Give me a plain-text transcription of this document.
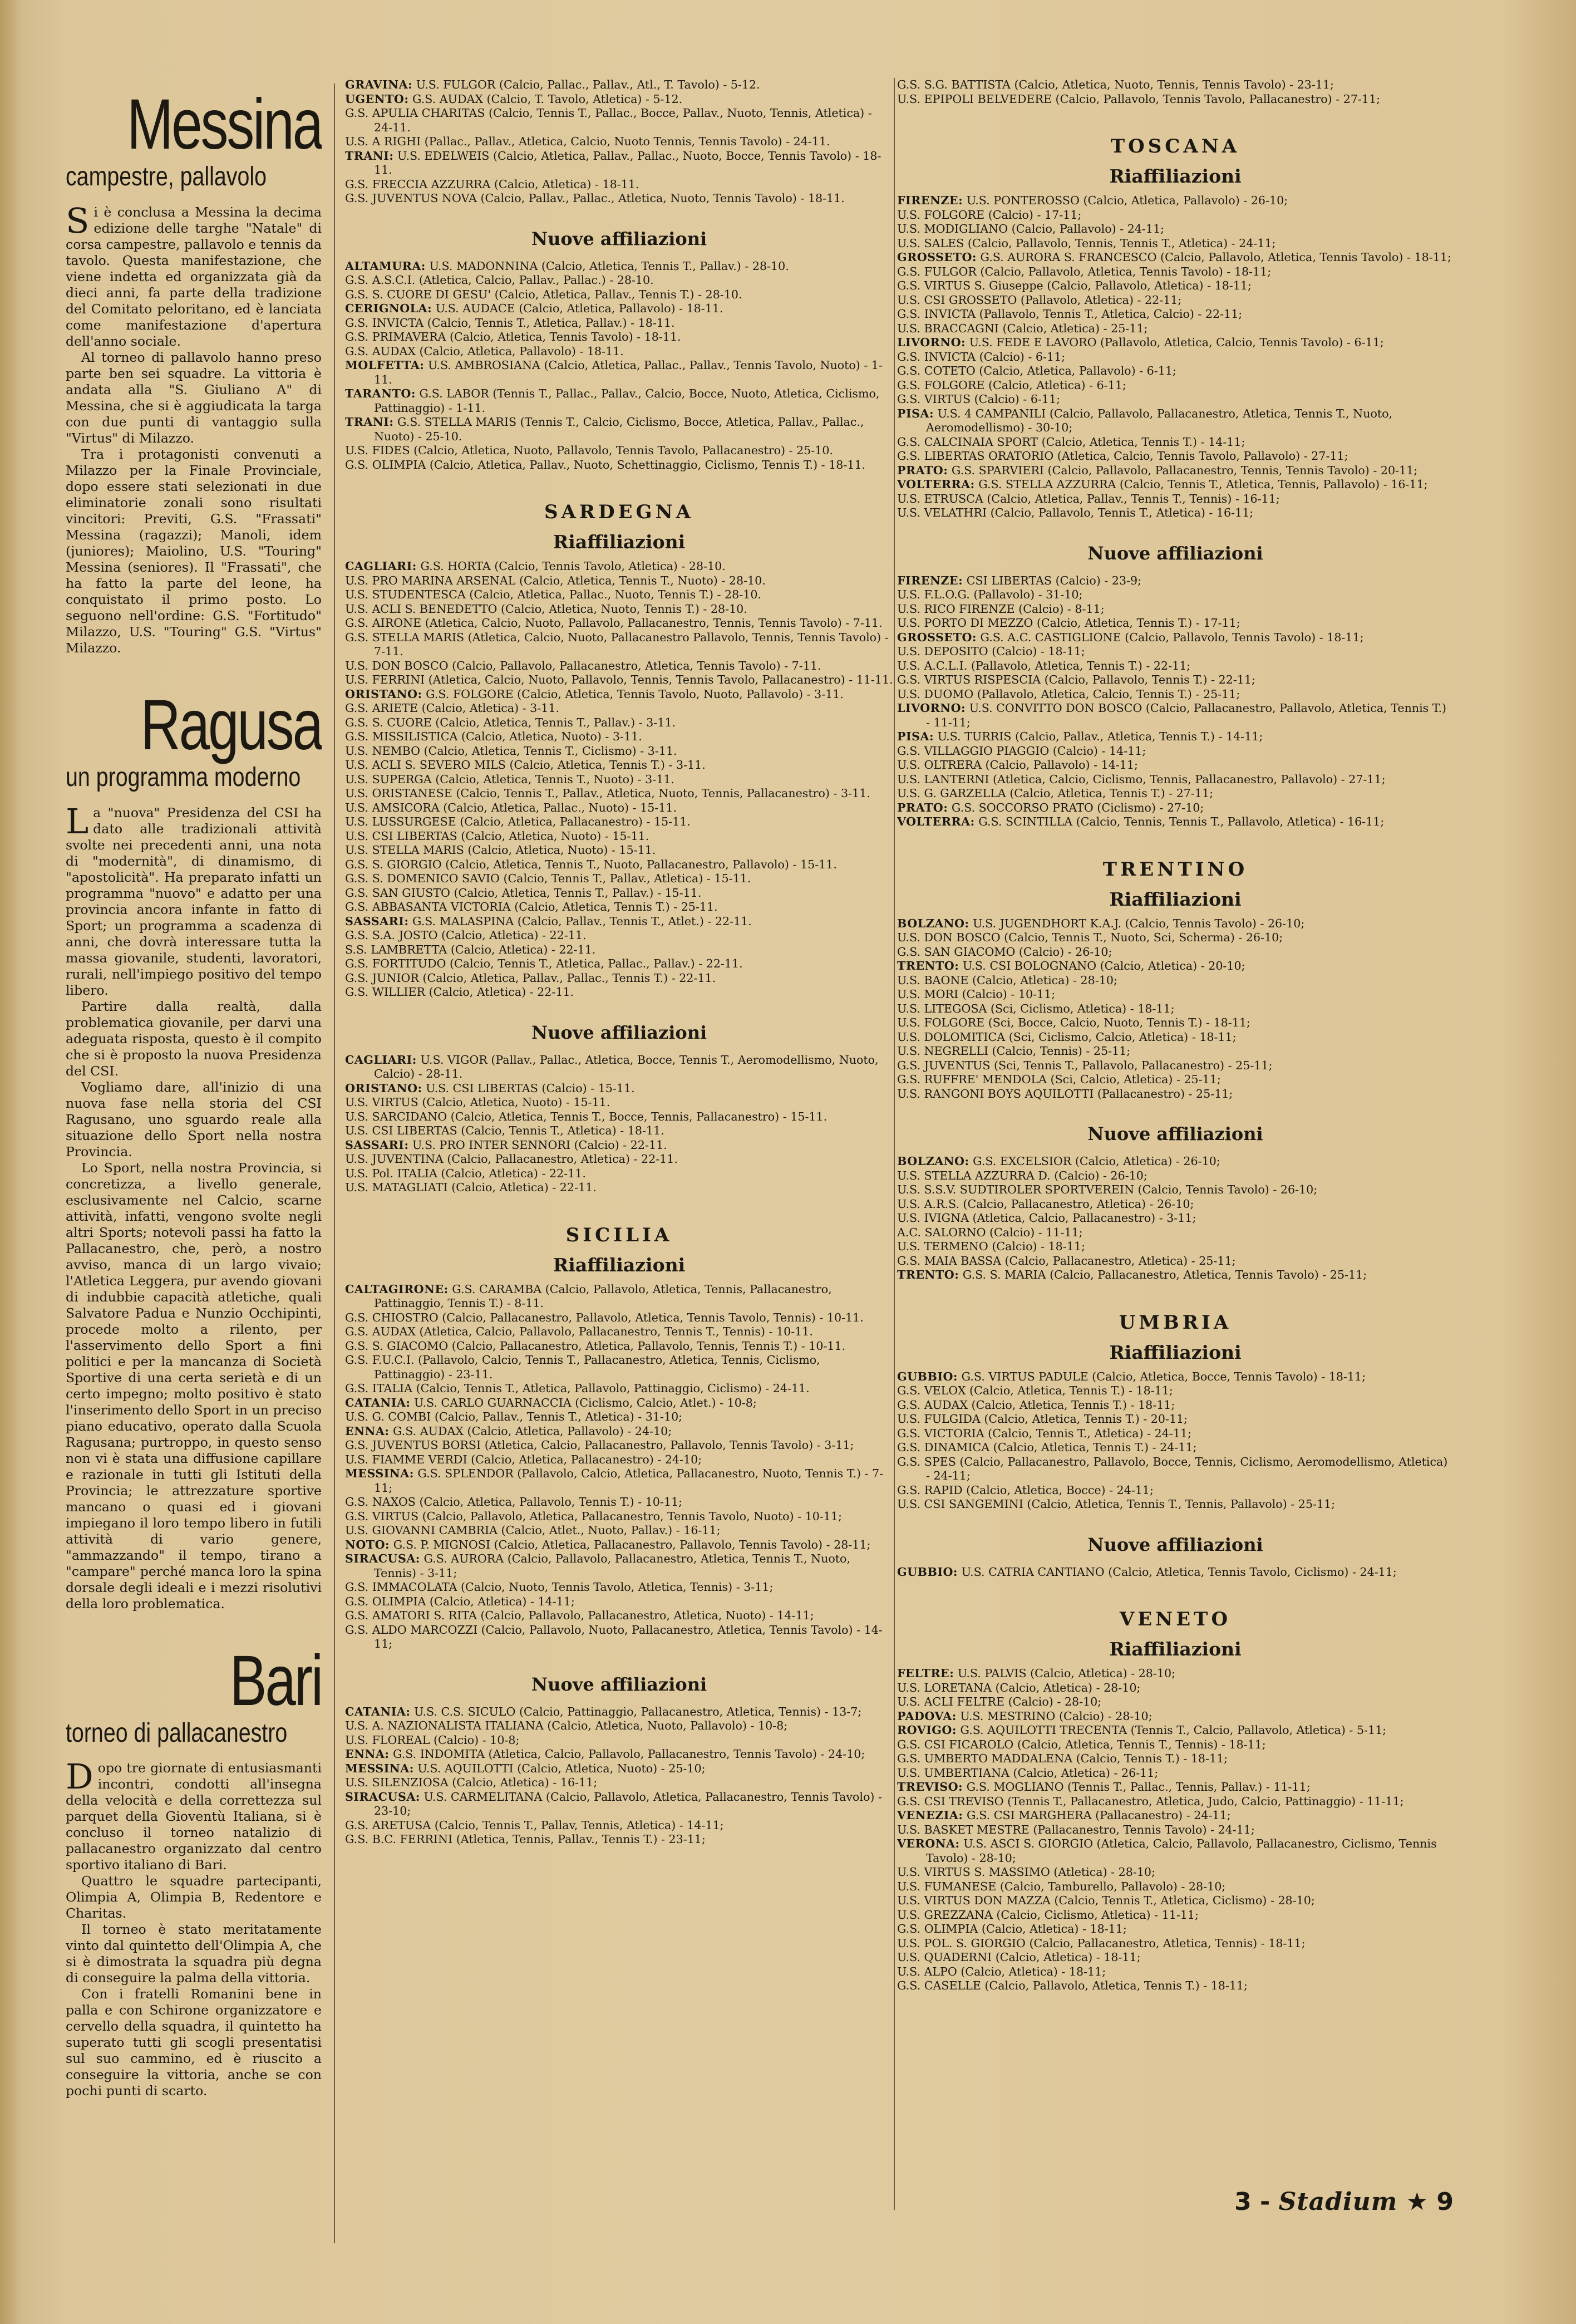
Messina
campestre, pallavolo

Si è conclusa a Messina la decima edizione delle targhe "Natale" di corsa campestre, pallavolo e tennis da tavolo. Questa manifestazione, che viene indetta ed organizzata già da dieci anni, fa parte della tradizione del Comitato peloritano, ed è lanciata come manifestazione d'apertura dell'anno sociale.

Al torneo di pallavolo hanno preso parte ben sei squadre. La vittoria è andata alla "S. Giuliano A" di Messina, che si è aggiudicata la targa con due punti di vantaggio sulla "Virtus" di Milazzo.

Tra i protagonisti convenuti a Milazzo per la Finale Provinciale, dopo essere stati selezionati in due eliminatorie zonali sono risultati vincitori: Previti, G.S. "Frassati" Messina (ragazzi); Manoli, idem (juniores); Maiolino, U.S. "Touring" Messina (seniores). Il "Frassati", che ha fatto la parte del leone, ha conquistato il primo posto. Lo seguono nell'ordine: G.S. "Fortitudo" Milazzo, U.S. "Touring" G.S. "Virtus" Milazzo.

Ragusa
un programma moderno

La "nuova" Presidenza del CSI ha dato alle tradizionali attività svolte nei precedenti anni, una nota di "modernità", di dinamismo, di "apostolicità". Ha preparato infatti un programma "nuovo" e adatto per una provincia ancora infante in fatto di Sport; un programma a scadenza di anni, che dovrà interessare tutta la massa giovanile, studenti, lavoratori, rurali, nell'impiego positivo del tempo libero.

Partire dalla realtà, dalla problematica giovanile, per darvi una adeguata risposta, questo è il compito che si è proposto la nuova Presidenza del CSI.

Vogliamo dare, all'inizio di una nuova fase nella storia del CSI Ragusano, uno sguardo reale alla situazione dello Sport nella nostra Provincia.

Lo Sport, nella nostra Provincia, si concretizza, a livello generale, esclusivamente nel Calcio, scarne attività, infatti, vengono svolte negli altri Sports; notevoli passi ha fatto la Pallacanestro, che, però, a nostro avviso, manca di un largo vivaio; l'Atletica Leggera, pur avendo giovani di indubbie capacità atletiche, quali Salvatore Padua e Nunzio Occhipinti, procede molto a rilento, per l'asservimento dello Sport a fini politici e per la mancanza di Società Sportive di una certa serietà e di un certo impegno; molto positivo è stato l'inserimento dello Sport in un preciso piano educativo, operato dalla Scuola Ragusana; purtroppo, in questo senso non vi è stata una diffusione capillare e razionale in tutti gli Istituti della Provincia; le attrezzature sportive mancano o quasi ed i giovani impiegano il loro tempo libero in futili attività di vario genere, "ammazzando" il tempo, tirano a "campare" perché manca loro la spina dorsale degli ideali e i mezzi risolutivi della loro problematica.

Bari
torneo di pallacanestro

Dopo tre giornate di entusiasmanti incontri, condotti all'insegna della velocità e della correttezza sul parquet della Gioventù Italiana, si è concluso il torneo natalizio di pallacanestro organizzato dal centro sportivo italiano di Bari.

Quattro le squadre partecipanti, Olimpia A, Olimpia B, Redentore e Charitas.

Il torneo è stato meritatamente vinto dal quintetto dell'Olimpia A, che si è dimostrata la squadra più degna di conseguire la palma della vittoria.

Con i fratelli Romanini bene in palla e con Schirone organizzatore e cervello della squadra, il quintetto ha superato tutti gli scogli presentatisi sul suo cammino, ed è riuscito a conseguire la vittoria, anche se con pochi punti di scarto.

GRAVINA: U.S. FULGOR (Calcio, Pallac., Pallav., Atl., T. Tavolo) - 5-12.

UGENTO: G.S. AUDAX (Calcio, T. Tavolo, Atletica) - 5-12.

G.S. APULIA CHARITAS (Calcio, Tennis T., Pallac., Bocce, Pallav., Nuoto, Tennis, Atletica) - 24-11.

U.S. A RIGHI (Pallac., Pallav., Atletica, Calcio, Nuoto Tennis, Tennis Tavolo) - 24-11.

TRANI: U.S. EDELWEIS (Calcio, Atletica, Pallav., Pallac., Nuoto, Bocce, Tennis Tavolo) - 18-11.

G.S. FRECCIA AZZURRA (Calcio, Atletica) - 18-11.

G.S. JUVENTUS NOVA (Calcio, Pallav., Pallac., Atletica, Nuoto, Tennis Tavolo) - 18-11.

Nuove affiliazioni

ALTAMURA: U.S. MADONNINA (Calcio, Atletica, Tennis T., Pallav.) - 28-10.

G.S. A.S.C.I. (Atletica, Calcio, Pallav., Pallac.) - 28-10.

G.S. S. CUORE DI GESU' (Calcio, Atletica, Pallav., Tennis T.) - 28-10.

CERIGNOLA: U.S. AUDACE (Calcio, Atletica, Pallavolo) - 18-11.

G.S. INVICTA (Calcio, Tennis T., Atletica, Pallav.) - 18-11.

G.S. PRIMAVERA (Calcio, Atletica, Tennis Tavolo) - 18-11.

G.S. AUDAX (Calcio, Atletica, Pallavolo) - 18-11.

MOLFETTA: U.S. AMBROSIANA (Calcio, Atletica, Pallac., Pallav., Tennis Tavolo, Nuoto) - 1-11.

TARANTO: G.S. LABOR (Tennis T., Pallac., Pallav., Calcio, Bocce, Nuoto, Atletica, Ciclismo, Pattinaggio) - 1-11.

TRANI: G.S. STELLA MARIS (Tennis T., Calcio, Ciclismo, Bocce, Atletica, Pallav., Pallac., Nuoto) - 25-10.

U.S. FIDES (Calcio, Atletica, Nuoto, Pallavolo, Tennis Tavolo, Pallacanestro) - 25-10.

G.S. OLIMPIA (Calcio, Atletica, Pallav., Nuoto, Schettinaggio, Ciclismo, Tennis T.) - 18-11.

SARDEGNA
Riaffiliazioni

CAGLIARI: G.S. HORTA (Calcio, Tennis Tavolo, Atletica) - 28-10.

U.S. PRO MARINA ARSENAL (Calcio, Atletica, Tennis T., Nuoto) - 28-10.

U.S. STUDENTESCA (Calcio, Atletica, Pallac., Nuoto, Tennis T.) - 28-10.

U.S. ACLI S. BENEDETTO (Calcio, Atletica, Nuoto, Tennis T.) - 28-10.

G.S. AIRONE (Atletica, Calcio, Nuoto, Pallavolo, Pallacanestro, Tennis, Tennis Tavolo) - 7-11.

G.S. STELLA MARIS (Atletica, Calcio, Nuoto, Pallacanestro Pallavolo, Tennis, Tennis Tavolo) - 7-11.

U.S. DON BOSCO (Calcio, Pallavolo, Pallacanestro, Atletica, Tennis Tavolo) - 7-11.

U.S. FERRINI (Atletica, Calcio, Nuoto, Pallavolo, Tennis, Tennis Tavolo, Pallacanestro) - 11-11.

ORISTANO: G.S. FOLGORE (Calcio, Atletica, Tennis Tavolo, Nuoto, Pallavolo) - 3-11.

G.S. ARIETE (Calcio, Atletica) - 3-11.

G.S. S. CUORE (Calcio, Atletica, Tennis T., Pallav.) - 3-11.

G.S. MISSILISTICA (Calcio, Atletica, Nuoto) - 3-11.

U.S. NEMBO (Calcio, Atletica, Tennis T., Ciclismo) - 3-11.

U.S. ACLI S. SEVERO MILS (Calcio, Atletica, Tennis T.) - 3-11.

U.S. SUPERGA (Calcio, Atletica, Tennis T., Nuoto) - 3-11.

U.S. ORISTANESE (Calcio, Tennis T., Pallav., Atletica, Nuoto, Tennis, Pallacanestro) - 3-11.

U.S. AMSICORA (Calcio, Atletica, Pallac., Nuoto) - 15-11.

U.S. LUSSURGESE (Calcio, Atletica, Pallacanestro) - 15-11.

U.S. CSI LIBERTAS (Calcio, Atletica, Nuoto) - 15-11.

U.S. STELLA MARIS (Calcio, Atletica, Nuoto) - 15-11.

G.S. S. GIORGIO (Calcio, Atletica, Tennis T., Nuoto, Pallacanestro, Pallavolo) - 15-11.

G.S. S. DOMENICO SAVIO (Calcio, Tennis T., Pallav., Atletica) - 15-11.

G.S. SAN GIUSTO (Calcio, Atletica, Tennis T., Pallav.) - 15-11.

G.S. ABBASANTA VICTORIA (Calcio, Atletica, Tennis T.) - 25-11.

SASSARI: G.S. MALASPINA (Calcio, Pallav., Tennis T., Atlet.) - 22-11.

G.S. S.A. JOSTO (Calcio, Atletica) - 22-11.

S.S. LAMBRETTA (Calcio, Atletica) - 22-11.

G.S. FORTITUDO (Calcio, Tennis T., Atletica, Pallac., Pallav.) - 22-11.

G.S. JUNIOR (Calcio, Atletica, Pallav., Pallac., Tennis T.) - 22-11.

G.S. WILLIER (Calcio, Atletica) - 22-11.

Nuove affiliazioni

CAGLIARI: U.S. VIGOR (Pallav., Pallac., Atletica, Bocce, Tennis T., Aeromodellismo, Nuoto, Calcio) - 28-11.

ORISTANO: U.S. CSI LIBERTAS (Calcio) - 15-11.

U.S. VIRTUS (Calcio, Atletica, Nuoto) - 15-11.

U.S. SARCIDANO (Calcio, Atletica, Tennis T., Bocce, Tennis, Pallacanestro) - 15-11.

U.S. CSI LIBERTAS (Calcio, Tennis T., Atletica) - 18-11.

SASSARI: U.S. PRO INTER SENNORI (Calcio) - 22-11.

U.S. JUVENTINA (Calcio, Pallacanestro, Atletica) - 22-11.

U.S. Pol. ITALIA (Calcio, Atletica) - 22-11.

U.S. MATAGLIATI (Calcio, Atletica) - 22-11.

SICILIA
Riaffiliazioni

CALTAGIRONE: G.S. CARAMBA (Calcio, Pallavolo, Atletica, Tennis, Pallacanestro, Pattinaggio, Tennis T.) - 8-11.

G.S. CHIOSTRO (Calcio, Pallacanestro, Pallavolo, Atletica, Tennis Tavolo, Tennis) - 10-11.

G.S. AUDAX (Atletica, Calcio, Pallavolo, Pallacanestro, Tennis T., Tennis) - 10-11.

G.S. S. GIACOMO (Calcio, Pallacanestro, Atletica, Pallavolo, Tennis, Tennis T.) - 10-11.

G.S. F.U.C.I. (Pallavolo, Calcio, Tennis T., Pallacanestro, Atletica, Tennis, Ciclismo, Pattinaggio) - 23-11.

G.S. ITALIA (Calcio, Tennis T., Atletica, Pallavolo, Pattinaggio, Ciclismo) - 24-11.

CATANIA: U.S. CARLO GUARNACCIA (Ciclismo, Calcio, Atlet.) - 10-8;

U.S. G. COMBI (Calcio, Pallav., Tennis T., Atletica) - 31-10;

ENNA: G.S. AUDAX (Calcio, Atletica, Pallavolo) - 24-10;

G.S. JUVENTUS BORSI (Atletica, Calcio, Pallacanestro, Pallavolo, Tennis Tavolo) - 3-11;

U.S. FIAMME VERDI (Calcio, Atletica, Pallacanestro) - 24-10;

MESSINA: G.S. SPLENDOR (Pallavolo, Calcio, Atletica, Pallacanestro, Nuoto, Tennis T.) - 7-11;

G.S. NAXOS (Calcio, Atletica, Pallavolo, Tennis T.) - 10-11;

G.S. VIRTUS (Calcio, Pallavolo, Atletica, Pallacanestro, Tennis Tavolo, Nuoto) - 10-11;

U.S. GIOVANNI CAMBRIA (Calcio, Atlet., Nuoto, Pallav.) - 16-11;

NOTO: G.S. P. MIGNOSI (Calcio, Atletica, Pallacanestro, Pallavolo, Tennis Tavolo) - 28-11;

SIRACUSA: G.S. AURORA (Calcio, Pallavolo, Pallacanestro, Atletica, Tennis T., Nuoto, Tennis) - 3-11;

G.S. IMMACOLATA (Calcio, Nuoto, Tennis Tavolo, Atletica, Tennis) - 3-11;

G.S. OLIMPIA (Calcio, Atletica) - 14-11;

G.S. AMATORI S. RITA (Calcio, Pallavolo, Pallacanestro, Atletica, Nuoto) - 14-11;

G.S. ALDO MARCOZZI (Calcio, Pallavolo, Nuoto, Pallacanestro, Atletica, Tennis Tavolo) - 14-11;

Nuove affiliazioni

CATANIA: U.S. C.S. SICULO (Calcio, Pattinaggio, Pallacanestro, Atletica, Tennis) - 13-7;

U.S. A. NAZIONALISTA ITALIANA (Calcio, Atletica, Nuoto, Pallavolo) - 10-8;

U.S. FLOREAL (Calcio) - 10-8;

ENNA: G.S. INDOMITA (Atletica, Calcio, Pallavolo, Pallacanestro, Tennis Tavolo) - 24-10;

MESSINA: U.S. AQUILOTTI (Calcio, Atletica, Nuoto) - 25-10;

U.S. SILENZIOSA (Calcio, Atletica) - 16-11;

SIRACUSA: U.S. CARMELITANA (Calcio, Pallavolo, Atletica, Pallacanestro, Tennis Tavolo) - 23-10;

G.S. ARETUSA (Calcio, Tennis T., Pallav, Tennis, Atletica) - 14-11;

G.S. B.C. FERRINI (Atletica, Tennis, Pallav., Tennis T.) - 23-11;

G.S. S.G. BATTISTA (Calcio, Atletica, Nuoto, Tennis, Tennis Tavolo) - 23-11;

U.S. EPIPOLI BELVEDERE (Calcio, Pallavolo, Tennis Tavolo, Pallacanestro) - 27-11;

TOSCANA
Riaffiliazioni

FIRENZE: U.S. PONTEROSSO (Calcio, Atletica, Pallavolo) - 26-10;

U.S. FOLGORE (Calcio) - 17-11;

U.S. MODIGLIANO (Calcio, Pallavolo) - 24-11;

U.S. SALES (Calcio, Pallavolo, Tennis, Tennis T., Atletica) - 24-11;

GROSSETO: G.S. AURORA S. FRANCESCO (Calcio, Pallavolo, Atletica, Tennis Tavolo) - 18-11;

G.S. FULGOR (Calcio, Pallavolo, Atletica, Tennis Tavolo) - 18-11;

G.S. VIRTUS S. Giuseppe (Calcio, Pallavolo, Atletica) - 18-11;

U.S. CSI GROSSETO (Pallavolo, Atletica) - 22-11;

G.S. INVICTA (Pallavolo, Tennis T., Atletica, Calcio) - 22-11;

U.S. BRACCAGNI (Calcio, Atletica) - 25-11;

LIVORNO: U.S. FEDE E LAVORO (Pallavolo, Atletica, Calcio, Tennis Tavolo) - 6-11;

G.S. INVICTA (Calcio) - 6-11;

G.S. COTETO (Calcio, Atletica, Pallavolo) - 6-11;

G.S. FOLGORE (Calcio, Atletica) - 6-11;

G.S. VIRTUS (Calcio) - 6-11;

PISA: U.S. 4 CAMPANILI (Calcio, Pallavolo, Pallacanestro, Atletica, Tennis T., Nuoto, Aeromodellismo) - 30-10;

G.S. CALCINAIA SPORT (Calcio, Atletica, Tennis T.) - 14-11;

G.S. LIBERTAS ORATORIO (Atletica, Calcio, Tennis Tavolo, Pallavolo) - 27-11;

PRATO: G.S. SPARVIERI (Calcio, Pallavolo, Pallacanestro, Tennis, Tennis Tavolo) - 20-11;

VOLTERRA: G.S. STELLA AZZURRA (Calcio, Tennis T., Atletica, Tennis, Pallavolo) - 16-11;

U.S. ETRUSCA (Calcio, Atletica, Pallav., Tennis T., Tennis) - 16-11;

U.S. VELATHRI (Calcio, Pallavolo, Tennis T., Atletica) - 16-11;

Nuove affiliazioni

FIRENZE: CSI LIBERTAS (Calcio) - 23-9;

U.S. F.L.O.G. (Pallavolo) - 31-10;

U.S. RICO FIRENZE (Calcio) - 8-11;

U.S. PORTO DI MEZZO (Calcio, Atletica, Tennis T.) - 17-11;

GROSSETO: G.S. A.C. CASTIGLIONE (Calcio, Pallavolo, Tennis Tavolo) - 18-11;

U.S. DEPOSITO (Calcio) - 18-11;

U.S. A.C.L.I. (Pallavolo, Atletica, Tennis T.) - 22-11;

G.S. VIRTUS RISPESCIA (Calcio, Pallavolo, Tennis T.) - 22-11;

U.S. DUOMO (Pallavolo, Atletica, Calcio, Tennis T.) - 25-11;

LIVORNO: U.S. CONVITTO DON BOSCO (Calcio, Pallacanestro, Pallavolo, Atletica, Tennis T.) - 11-11;

PISA: U.S. TURRIS (Calcio, Pallav., Atletica, Tennis T.) - 14-11;

G.S. VILLAGGIO PIAGGIO (Calcio) - 14-11;

U.S. OLTRERA (Calcio, Pallavolo) - 14-11;

U.S. LANTERNI (Atletica, Calcio, Ciclismo, Tennis, Pallacanestro, Pallavolo) - 27-11;

U.S. G. GARZELLA (Calcio, Atletica, Tennis T.) - 27-11;

PRATO: G.S. SOCCORSO PRATO (Ciclismo) - 27-10;

VOLTERRA: G.S. SCINTILLA (Calcio, Tennis, Tennis T., Pallavolo, Atletica) - 16-11;

TRENTINO
Riaffiliazioni

BOLZANO: U.S. JUGENDHORT K.A.J. (Calcio, Tennis Tavolo) - 26-10;

U.S. DON BOSCO (Calcio, Tennis T., Nuoto, Sci, Scherma) - 26-10;

G.S. SAN GIACOMO (Calcio) - 26-10;

TRENTO: U.S. CSI BOLOGNANO (Calcio, Atletica) - 20-10;

U.S. BAONE (Calcio, Atletica) - 28-10;

U.S. MORI (Calcio) - 10-11;

U.S. LITEGOSA (Sci, Ciclismo, Atletica) - 18-11;

U.S. FOLGORE (Sci, Bocce, Calcio, Nuoto, Tennis T.) - 18-11;

U.S. DOLOMITICA (Sci, Ciclismo, Calcio, Atletica) - 18-11;

U.S. NEGRELLI (Calcio, Tennis) - 25-11;

G.S. JUVENTUS (Sci, Tennis T., Pallavolo, Pallacanestro) - 25-11;

G.S. RUFFRE' MENDOLA (Sci, Calcio, Atletica) - 25-11;

U.S. RANGONI BOYS AQUILOTTI (Pallacanestro) - 25-11;

Nuove affiliazioni

BOLZANO: G.S. EXCELSIOR (Calcio, Atletica) - 26-10;

U.S. STELLA AZZURRA D. (Calcio) - 26-10;

U.S. S.S.V. SUDTIROLER SPORTVEREIN (Calcio, Tennis Tavolo) - 26-10;

U.S. A.R.S. (Calcio, Pallacanestro, Atletica) - 26-10;

U.S. IVIGNA (Atletica, Calcio, Pallacanestro) - 3-11;

A.C. SALORNO (Calcio) - 11-11;

U.S. TERMENO (Calcio) - 18-11;

G.S. MAIA BASSA (Calcio, Pallacanestro, Atletica) - 25-11;

TRENTO: G.S. S. MARIA (Calcio, Pallacanestro, Atletica, Tennis Tavolo) - 25-11;

UMBRIA
Riaffiliazioni

GUBBIO: G.S. VIRTUS PADULE (Calcio, Atletica, Bocce, Tennis Tavolo) - 18-11;

G.S. VELOX (Calcio, Atletica, Tennis T.) - 18-11;

G.S. AUDAX (Calcio, Atletica, Tennis T.) - 18-11;

U.S. FULGIDA (Calcio, Atletica, Tennis T.) - 20-11;

G.S. VICTORIA (Calcio, Tennis T., Atletica) - 24-11;

G.S. DINAMICA (Calcio, Atletica, Tennis T.) - 24-11;

G.S. SPES (Calcio, Pallacanestro, Pallavolo, Bocce, Tennis, Ciclismo, Aeromodellismo, Atletica) - 24-11;

G.S. RAPID (Calcio, Atletica, Bocce) - 24-11;

U.S. CSI SANGEMINI (Calcio, Atletica, Tennis T., Tennis, Pallavolo) - 25-11;

Nuove affiliazioni

GUBBIO: U.S. CATRIA CANTIANO (Calcio, Atletica, Tennis Tavolo, Ciclismo) - 24-11;

VENETO
Riaffiliazioni

FELTRE: U.S. PALVIS (Calcio, Atletica) - 28-10;

U.S. LORETANA (Calcio, Atletica) - 28-10;

U.S. ACLI FELTRE (Calcio) - 28-10;

PADOVA: U.S. MESTRINO (Calcio) - 28-10;

ROVIGO: G.S. AQUILOTTI TRECENTA (Tennis T., Calcio, Pallavolo, Atletica) - 5-11;

G.S. CSI FICAROLO (Calcio, Atletica, Tennis T., Tennis) - 18-11;

G.S. UMBERTO MADDALENA (Calcio, Tennis T.) - 18-11;

U.S. UMBERTIANA (Calcio, Atletica) - 26-11;

TREVISO: G.S. MOGLIANO (Tennis T., Pallac., Tennis, Pallav.) - 11-11;

G.S. CSI TREVISO (Tennis T., Pallacanestro, Atletica, Judo, Calcio, Pattinaggio) - 11-11;

VENEZIA: G.S. CSI MARGHERA (Pallacanestro) - 24-11;

U.S. BASKET MESTRE (Pallacanestro, Tennis Tavolo) - 24-11;

VERONA: U.S. ASCI S. GIORGIO (Atletica, Calcio, Pallavolo, Pallacanestro, Ciclismo, Tennis Tavolo) - 28-10;

U.S. VIRTUS S. MASSIMO (Atletica) - 28-10;

U.S. FUMANESE (Calcio, Tamburello, Pallavolo) - 28-10;

U.S. VIRTUS DON MAZZA (Calcio, Tennis T., Atletica, Ciclismo) - 28-10;

U.S. GREZZANA (Calcio, Ciclismo, Atletica) - 11-11;

G.S. OLIMPIA (Calcio, Atletica) - 18-11;

U.S. POL. S. GIORGIO (Calcio, Pallacanestro, Atletica, Tennis) - 18-11;

U.S. QUADERNI (Calcio, Atletica) - 18-11;

U.S. ALPO (Calcio, Atletica) - 18-11;

G.S. CASELLE (Calcio, Pallavolo, Atletica, Tennis T.) - 18-11;

3 - Stadium ★ 9
